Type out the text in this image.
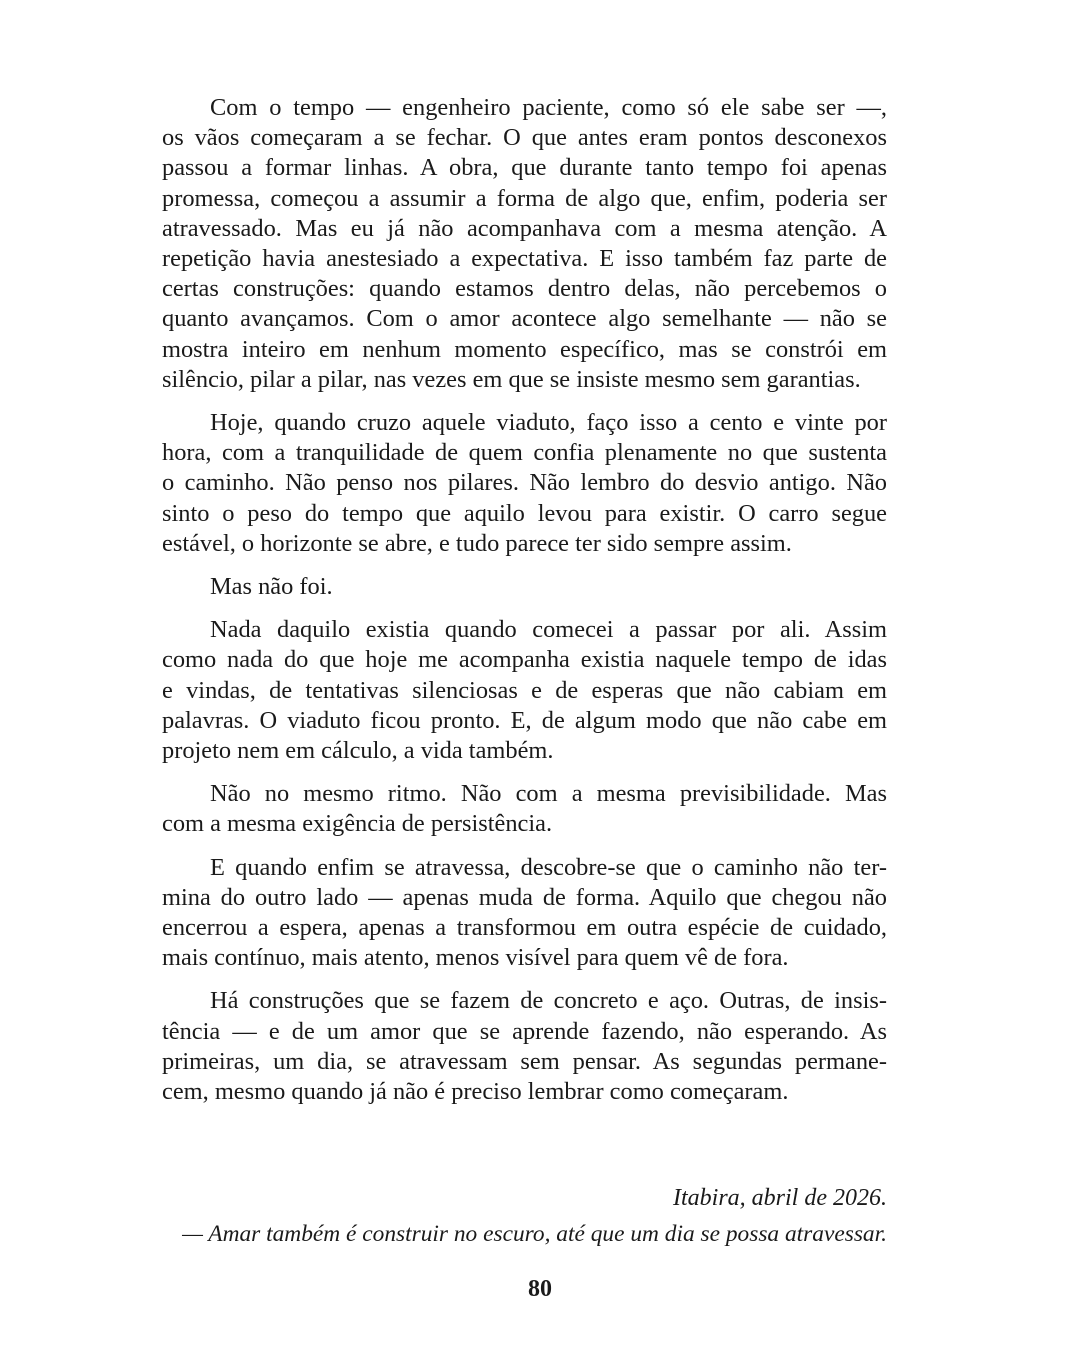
Com o tempo — engenheiro paciente, como só ele sabe ser —,
os vãos começaram a se fechar. O que antes eram pontos desconexos
passou a formar linhas. A obra, que durante tanto tempo foi apenas
promessa, começou a assumir a forma de algo que, enfim, poderia ser
atravessado. Mas eu já não acompanhava com a mesma atenção. A
repetição havia anestesiado a expectativa. E isso também faz parte de
certas construções: quando estamos dentro delas, não percebemos o
quanto avançamos. Com o amor acontece algo semelhante — não se
mostra inteiro em nenhum momento específico, mas se constrói em
silêncio, pilar a pilar, nas vezes em que se insiste mesmo sem garantias.
Hoje, quando cruzo aquele viaduto, faço isso a cento e vinte por
hora, com a tranquilidade de quem confia plenamente no que sustenta
o caminho. Não penso nos pilares. Não lembro do desvio antigo. Não
sinto o peso do tempo que aquilo levou para existir. O carro segue
estável, o horizonte se abre, e tudo parece ter sido sempre assim.
Mas não foi.
Nada daquilo existia quando comecei a passar por ali. Assim
como nada do que hoje me acompanha existia naquele tempo de idas
e vindas, de tentativas silenciosas e de esperas que não cabiam em
palavras. O viaduto ficou pronto. E, de algum modo que não cabe em
projeto nem em cálculo, a vida também.
Não no mesmo ritmo. Não com a mesma previsibilidade. Mas
com a mesma exigência de persistência.
E quando enfim se atravessa, descobre-se que o caminho não ter-
mina do outro lado — apenas muda de forma. Aquilo que chegou não
encerrou a espera, apenas a transformou em outra espécie de cuidado,
mais contínuo, mais atento, menos visível para quem vê de fora.
Há construções que se fazem de concreto e aço. Outras, de insis-
tência — e de um amor que se aprende fazendo, não esperando. As
primeiras, um dia, se atravessam sem pensar. As segundas permane-
cem, mesmo quando já não é preciso lembrar como começaram.
Itabira, abril de 2026.
— Amar também é construir no escuro, até que um dia se possa atravessar.
80
